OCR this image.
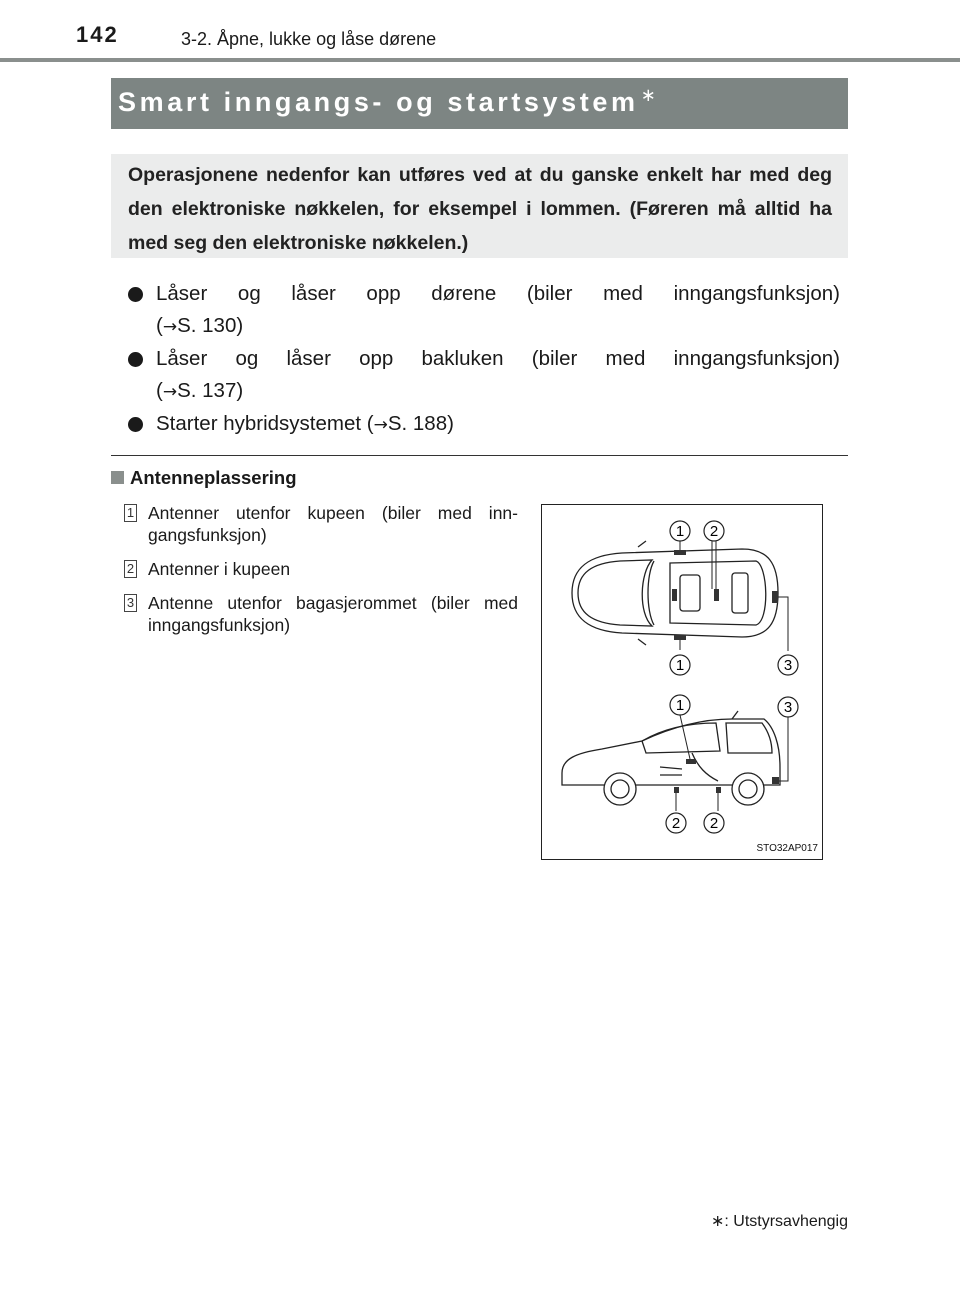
142	3-2. Åpne, lukke og låse dørene
Smart inngangs- og startsystem ∗

Operasjonene nedenfor kan utføres ved at du ganske enkelt har med deg den elektroniske nøkkelen, for eksempel i lommen. (Føreren må alltid ha med seg den elektroniske nøkkelen.)

Låser og låser opp dørene (biler med inngangsfunksjon)
(→S. 130)
Låser og låser opp bakluken (biler med inngangsfunksjon)
(→S. 137)
Starter hybridsystemet (→S. 188)
Antenneplassering
1 Antenner utenfor kupeen (biler med inn-gangsfunksjon)
2 Antenner i kupeen
3 Antenne utenfor bagasjerommet (biler med inngangsfunksjon)
1 2
1	3
1	3
2 2
STO32AP017
∗: Utstyrsavhengig
